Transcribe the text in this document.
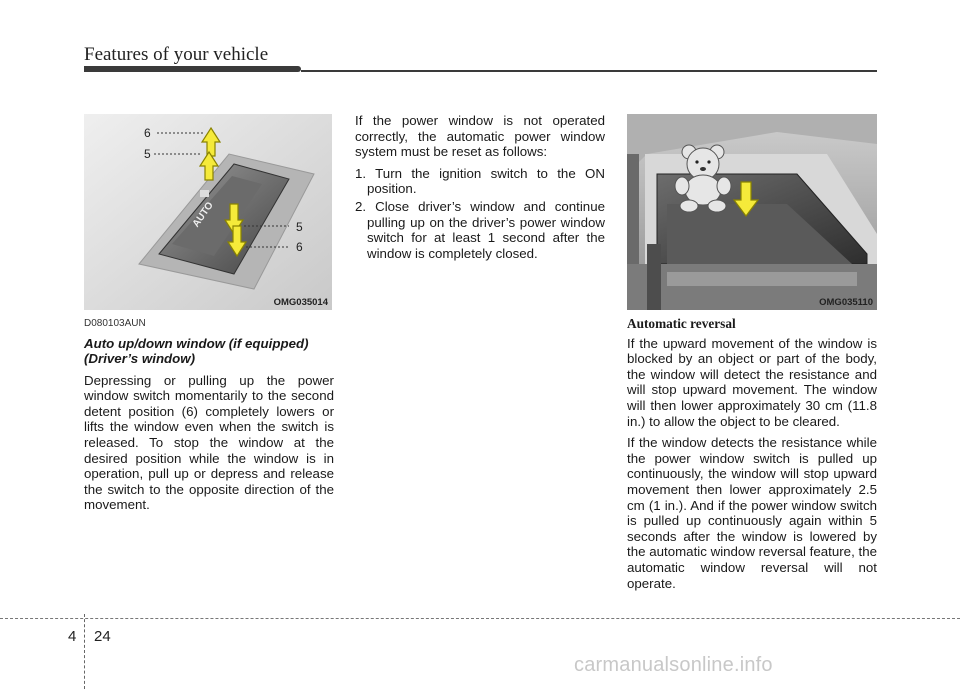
Features of your vehicle
AUTO
6
5
5
6
OMG035014	OMG035110
D080103AUN
Auto up/down window (if equipped)
(Driver’s window)

Depressing or pulling up the power window switch momentarily to the second detent position (6) completely lowers or lifts the window even when the switch is released. To stop the window at the desired position while the window is in operation, pull up or depress and release the switch to the opposite direction of the movement.

If the power window is not operated correctly, the automatic power window system must be reset as follows:

1. Turn the ignition switch to the ON position.
2. Close driver’s window and continue pulling up on the driver’s power window switch for at least 1 second after the window is completely closed.
Automatic reversal

If the upward movement of the window is blocked by an object or part of the body, the window will detect the resistance and will stop upward movement. The window will then lower approximately 30 cm (11.8 in.) to allow the object to be cleared.

If the window detects the resistance while the power window switch is pulled up continuously, the window will stop upward movement then lower approximately 2.5 cm (1 in.). And if the power window switch is pulled up continuously again within 5 seconds after the window is lowered by the automatic window reversal feature, the automatic window reversal will not operate.

4 24
carmanualsonline.info
